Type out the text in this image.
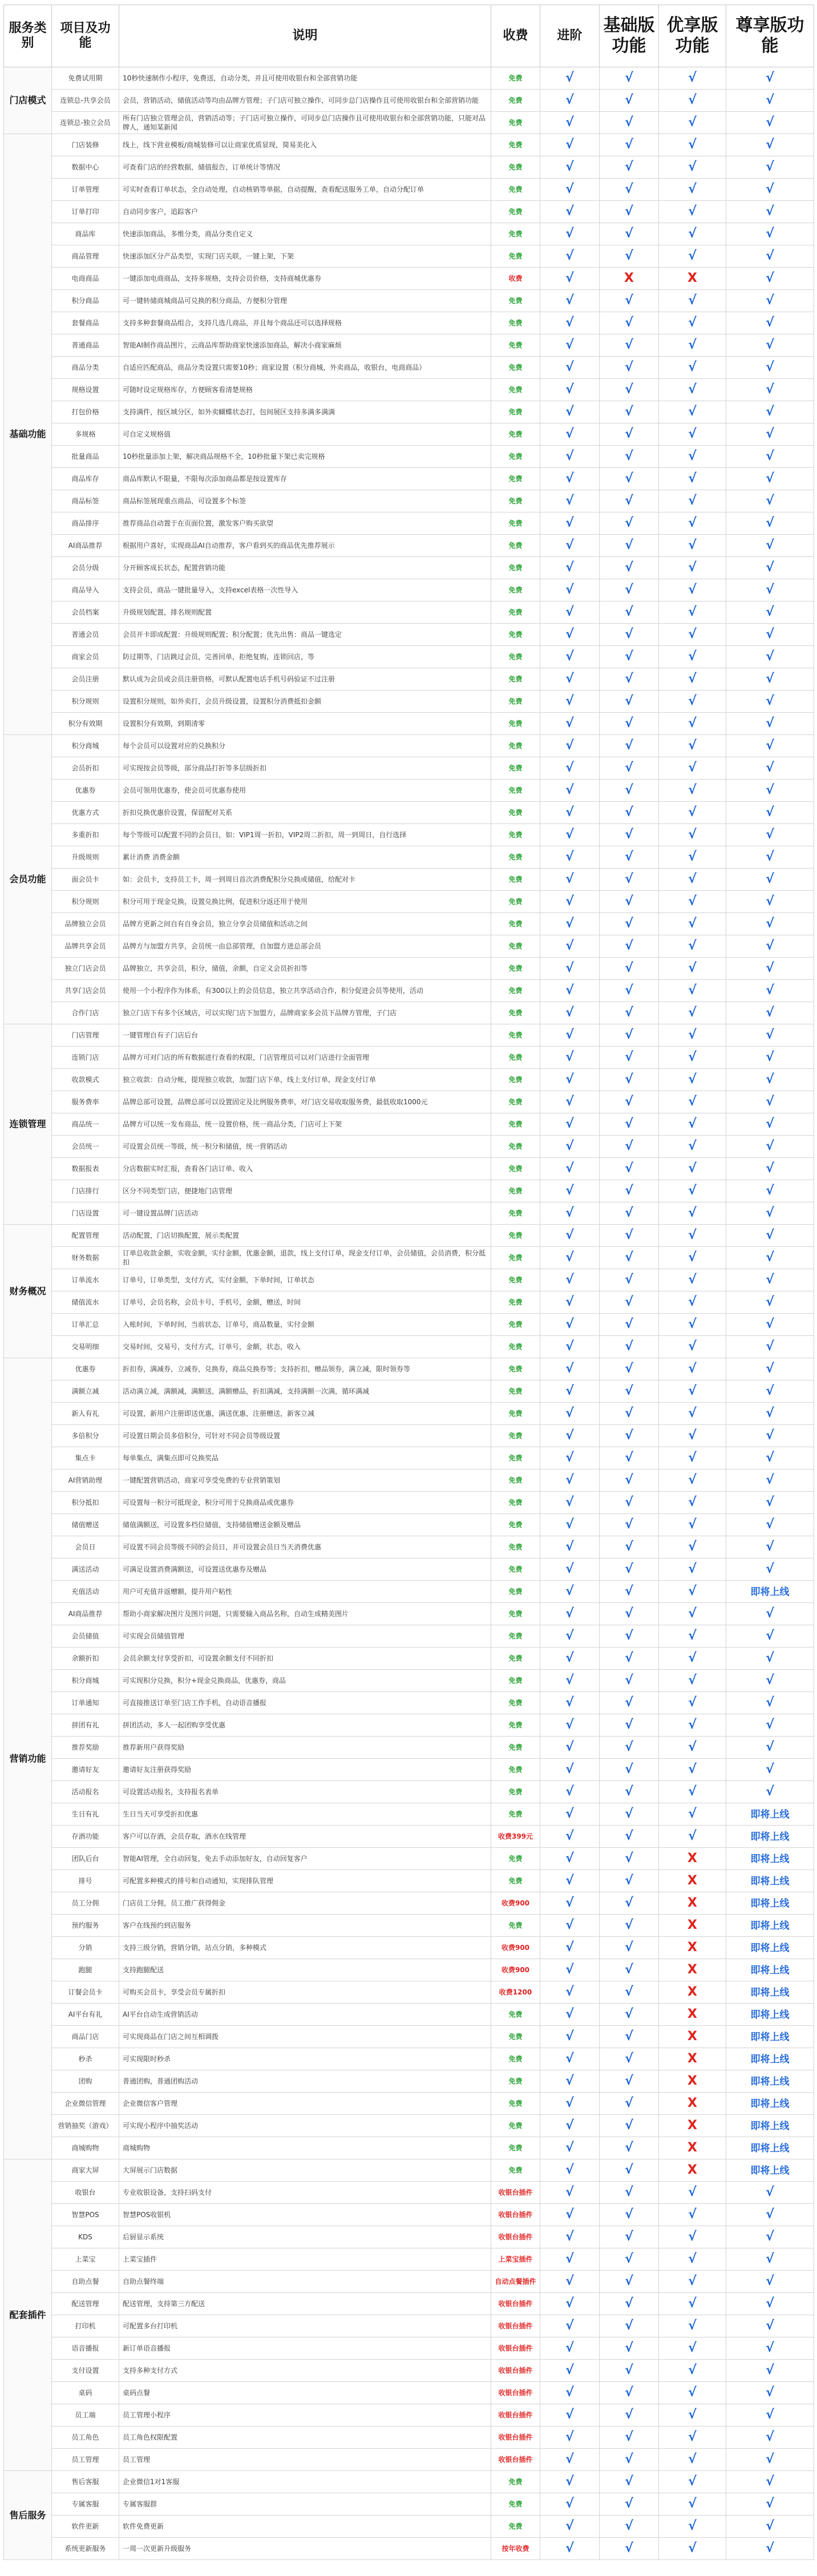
服务类别	项目及功能	说明	收费	进阶	基础版功能	优享版功能	尊享版功能
门店模式	免费试用期	10秒快速制作小程序，免费送，自动分类，并且可使用收银台和全部营销功能	免费	√	√	√	√
	连锁总-共享会员	会员，营销活动，储值活动等均由品牌方管理；子门店可独立操作，可同步总门店操作且可使用收银台和全部营销功能	免费	√	√	√	√
	连锁总-独立会员	所有门店独立管理会员，营销活动等；子门店可独立操作，可同步总门店操作且可使用收银台和全部营销功能，只能对品牌人，通知某新闻	免费	√	√	√	√
基础功能	门店装修	线上，线下营业模板/商城装修可以让商家优质显现，简易美化入	免费	√	√	√	√
	数据中心	可查看门店的经营数据，储值报告，订单统计等情况	免费	√	√	√	√
	订单管理	可实时查看订单状态，全自动处理，自动核销等单据，自动提醒，查看配送服务工单，自动分配订单	免费	√	√	√	√
	订单打印	自动同步客户，追踪客户	免费	√	√	√	√
	商品库	快速添加商品，多维分类，商品分类自定义	免费	√	√	√	√
	商品管理	快速添加区分产品类型，实现门店关联，一键上架，下架	免费	√	√	√	√
	电商商品	一键添加电商商品，支持多规格，支持会员价格，支持商城优惠券	收费	√	X	X	√
	积分商品	可一键转储商城商品可兑换的积分商品，方便积分管理	免费	√	√	√	√
	套餐商品	支持多种套餐商品组合，支持几选几商品，并且每个商品还可以选择规格	免费	√	√	√	√
	普通商品	智能AI制作商品图片，云商品库帮助商家快速添加商品，解决小商家麻烦	免费	√	√	√	√
	商品分类	自适应匹配商品，商品分类设置只需要10秒；商家设置（积分商城，外卖商品，收银台，电商商品）	免费	√	√	√	√
	规格设置	可随时设定规格库存，方便顾客看清楚规格	免费	√	√	√	√
	打包价格	支持满件，按区域分区，如外卖蝴蝶状态打，包间展区支持多满多满满	免费	√	√	√	√
	多规格	可自定义规格值	免费	√	√	√	√
	批量商品	10秒批量添加上架，解决商品规格不全，10秒批量下架已卖完规格	免费	√	√	√	√
	商品库存	商品库默认不限量，不限每次添加商品都是按设置库存	免费	√	√	√	√
	商品标签	商品标签展现重点商品，可设置多个标签	免费	√	√	√	√
	商品排序	推荐商品自动置于在页面位置，激发客户购买欲望	免费	√	√	√	√
	AI商品推荐	根据用户喜好，实现商品AI自动推荐，客户看到买的商品优先推荐展示	免费	√	√	√	√
	会员分级	分开顾客成长状态，配置营销功能	免费	√	√	√	√
	商品导入	支持会员，商品一键批量导入，支持excel表格一次性导入	免费	√	√	√	√
	会员档案	升级规划配置，排名规则配置	免费	√	√	√	√
	普通会员	会员开卡即成配置：升级规则配置；积分配置；优先出售：商品一键选定	免费	√	√	√	√
	商家会员	防过期等，门店跳过会员，完善回单，拒绝复购，连锁回店，等	免费	√	√	√	√
	会员注册	默认成为会员或会员注册资格，可默认配置电话手机号码验证不过注册	免费	√	√	√	√
	积分规则	设置积分规则，如外卖打，会员升级设置，设置积分消费抵扣金额	免费	√	√	√	√
	积分有效期	设置积分有效期，到期清零	免费	√	√	√	√
会员功能	积分商城	每个会员可以设置对应的兑换积分	免费	√	√	√	√
	会员折扣	可实现按会员等级，部分商品打折等多层级折扣	免费	√	√	√	√
	优惠券	会员可领用优惠券，使会员可优惠券使用	免费	√	√	√	√
	优惠方式	折扣兑换优惠价设置，保留配对关系	免费	√	√	√	√
	多重折扣	每个等级可以配置不同的会员日，如：VIP1周一折扣，VIP2周二折扣，周一到周日，自行选择	免费	√	√	√	√
	升级规则	累计消费 消费金额	免费	√	√	√	√
	面会员卡	如：会员卡，支持员工卡，周一到周日首次消费配积分兑换或储值，给配对卡	免费	√	√	√	√
	积分规则	积分可用于现金兑换，设置兑换比例，促进积分返还用于使用	免费	√	√	√	√
	品牌独立会员	品牌方更新之间自有自身会员，独立分享会员储值和活动之间	免费	√	√	√	√
	品牌共享会员	品牌方与加盟方共享，会员统一由总部管理，自加盟方进总部会员	免费	√	√	√	√
	独立门店会员	品牌独立，共享会员，积分，储值，余额，自定义会员折扣等	免费	√	√	√	√
	共享门店会员	使用一个小程序作为体系，有300以上的会员信息，独立共享活动合作，积分促进会员等使用，活动	免费	√	√	√	√
	合作门店	独立门店下有多个区域店，可以实现门店下加盟方，品牌商家多会员下品牌方管理，子门店	免费	√	√	√	√
连锁管理	门店管理	一键管理自有子门店后台	免费	√	√	√	√
	连锁门店	品牌方可对门店的所有数据进行查看的权限，门店管理员可以对门店进行全面管理	免费	√	√	√	√
	收款模式	独立收款：自动分帐，提现独立收款，加盟门店下单，线上支付订单，现金支付订单	免费	√	√	√	√
	服务费率	品牌总部可设置，品牌总部可以设置固定及比例服务费率，对门店交易收取服务费，最低收取1000元	免费	√	√	√	√
	商品统一	品牌方可以统一发布商品，统一设置价格，统一商品分类，门店可上下架	免费	√	√	√	√
	会员统一	可设置会员统一等级，统一积分和储值，统一营销活动	免费	√	√	√	√
	数据报表	分店数据实时汇报，查看各门店订单、收入	免费	√	√	√	√
	门店排行	区分不同类型门店，便捷地门店管理	免费	√	√	√	√
	门店设置	可一键设置品牌门店活动	免费	√	√	√	√
财务概况	配置管理	活动配置，门店切换配置，展示类配置	免费	√	√	√	√
	财务数据	订单总收款金额，实收金额，实付金额，优惠金额，退款，线上支付订单，现金支付订单，会员储值，会员消费，积分抵扣	免费	√	√	√	√
	订单流水	订单号，订单类型，支付方式，实付金额，下单时间，订单状态	免费	√	√	√	√
	储值流水	订单号，会员名称，会员卡号，手机号，金额，赠送，时间	免费	√	√	√	√
	订单汇总	入账时间，下单时间，当前状态，订单号，商品数量，实付金额	免费	√	√	√	√
	交易明细	交易时间，交易号，支付方式，订单号，金额，状态，收入	免费	√	√	√	√
营销功能	优惠券	折扣券，满减券，立减券，兑换券，商品兑换券等；支持折扣，赠品领券，满立减，限时领券等	免费	√	√	√	√
	满额立减	活动满立减，满额减，满额送，满额赠品，折扣满减，支持满额一次满，循环满减	免费	√	√	√	√
	新人有礼	可设置，新用户注册即送优惠，满送优惠，注册赠送，新客立减	免费	√	√	√	√
	多倍积分	可设置日期会员多倍积分，可针对不同会员等级设置	免费	√	√	√	√
	集点卡	每单集点，满集点即可兑换奖品	免费	√	√	√	√
	AI营销助理	一键配置营销活动，商家可享受免费的专业营销策划	免费	√	√	√	√
	积分抵扣	可设置每一积分可抵现金，积分可用于兑换商品或优惠券	免费	√	√	√	√
	储值赠送	储值满额送，可设置多档位储值，支持储值赠送金额及赠品	免费	√	√	√	√
	会员日	可设置不同会员等级不同的会员日，并可设置会员日当天消费优惠	免费	√	√	√	√
	满送活动	可满足设置消费满额送，可设置送优惠券及赠品	免费	√	√	√	√
	充值活动	用户可充值并返赠额，提升用户粘性	免费	√	√	√	即将上线
	AI商品推荐	帮助小商家解决图片及图片问题，只需要输入商品名称，自动生成精美图片	免费	√	√	√	√
	会员储值	可实现会员储值管理	免费	√	√	√	√
	余额折扣	会员余额支付享受折扣，可设置余额支付不同折扣	免费	√	√	√	√
	积分商城	可实现积分兑换，积分+现金兑换商品，优惠券，商品	免费	√	√	√	√
	订单通知	可直接推送订单至门店工作手机，自动语音播报	免费	√	√	√	√
	拼团有礼	拼团活动，多人一起团购享受优惠	免费	√	√	√	√
	推荐奖励	推荐新用户获得奖励	免费	√	√	√	√
	邀请好友	邀请好友注册获得奖励	免费	√	√	√	√
	活动报名	可设置活动报名，支持报名表单	免费	√	√	√	√
	生日有礼	生日当天可享受折扣优惠	免费	√	√	√	即将上线
	存酒功能	客户可以存酒，会员存取，酒水在线管理	收费399元	√	√	√	即将上线
	团队后台	智能AI管理，全自动回复，免去手动添加好友，自动回复客户	免费	√	√	X	即将上线
	排号	可配置多种模式的排号和自动通知，实现排队管理	免费	√	√	X	即将上线
	员工分佣	门店员工分佣，员工推广获得佣金	收费900	√	√	X	即将上线
	预约服务	客户在线预约到店服务	免费	√	√	X	即将上线
	分销	支持三级分销，营销分销，站点分销，多种模式	收费900	√	√	X	即将上线
	跑腿	支持跑腿配送	收费900	√	√	X	即将上线
	订餐会员卡	可购买会员卡，享受会员专属折扣	收费1200	√	√	X	即将上线
	AI平台有礼	AI平台自动生成营销活动	免费	√	√	X	即将上线
	商品门店	可实现商品在门店之间互相调拨	免费	√	√	X	即将上线
	秒杀	可实现限时秒杀	免费	√	√	X	即将上线
	团购	普通团购，普通团购活动	免费	√	√	X	即将上线
	企业微信管理	企业微信客户管理	免费	√	√	X	即将上线
	营销抽奖（游戏）	可实现小程序中抽奖活动	免费	√	√	X	即将上线
	商城购物	商城购物	免费	√	√	X	即将上线
配套插件	商家大屏	大屏展示门店数据	免费	√	√	X	即将上线
	收银台	专业收银设备，支持扫码支付	收银台插件	√	√	√	√
	智慧POS	智慧POS收银机	收银台插件	√	√	√	√
	KDS	后厨显示系统	收银台插件	√	√	√	√
	上菜宝	上菜宝插件	上菜宝插件	√	√	√	√
	自助点餐	自助点餐终端	自动点餐插件	√	√	√	√
	配送管理	配送管理，支持第三方配送	收银台插件	√	√	√	√
	打印机	可配置多台打印机	收银台插件	√	√	√	√
	语音播报	新订单语音播报	收银台插件	√	√	√	√
	支付设置	支持多种支付方式	收银台插件	√	√	√	√
	桌码	桌码点餐	收银台插件	√	√	√	√
	员工端	员工管理小程序	收银台插件	√	√	√	√
	员工角色	员工角色权限配置	收银台插件	√	√	√	√
	员工管理	员工管理	收银台插件	√	√	√	√
售后服务	售后客服	企业微信1对1客服	免费	√	√	√	√
	专属客服	专属客服群	免费	√	√	√	√
	软件更新	软件免费更新	免费	√	√	√	√
	系统更新服务	一周一次更新升级服务	按年收费	√	√	√	√
